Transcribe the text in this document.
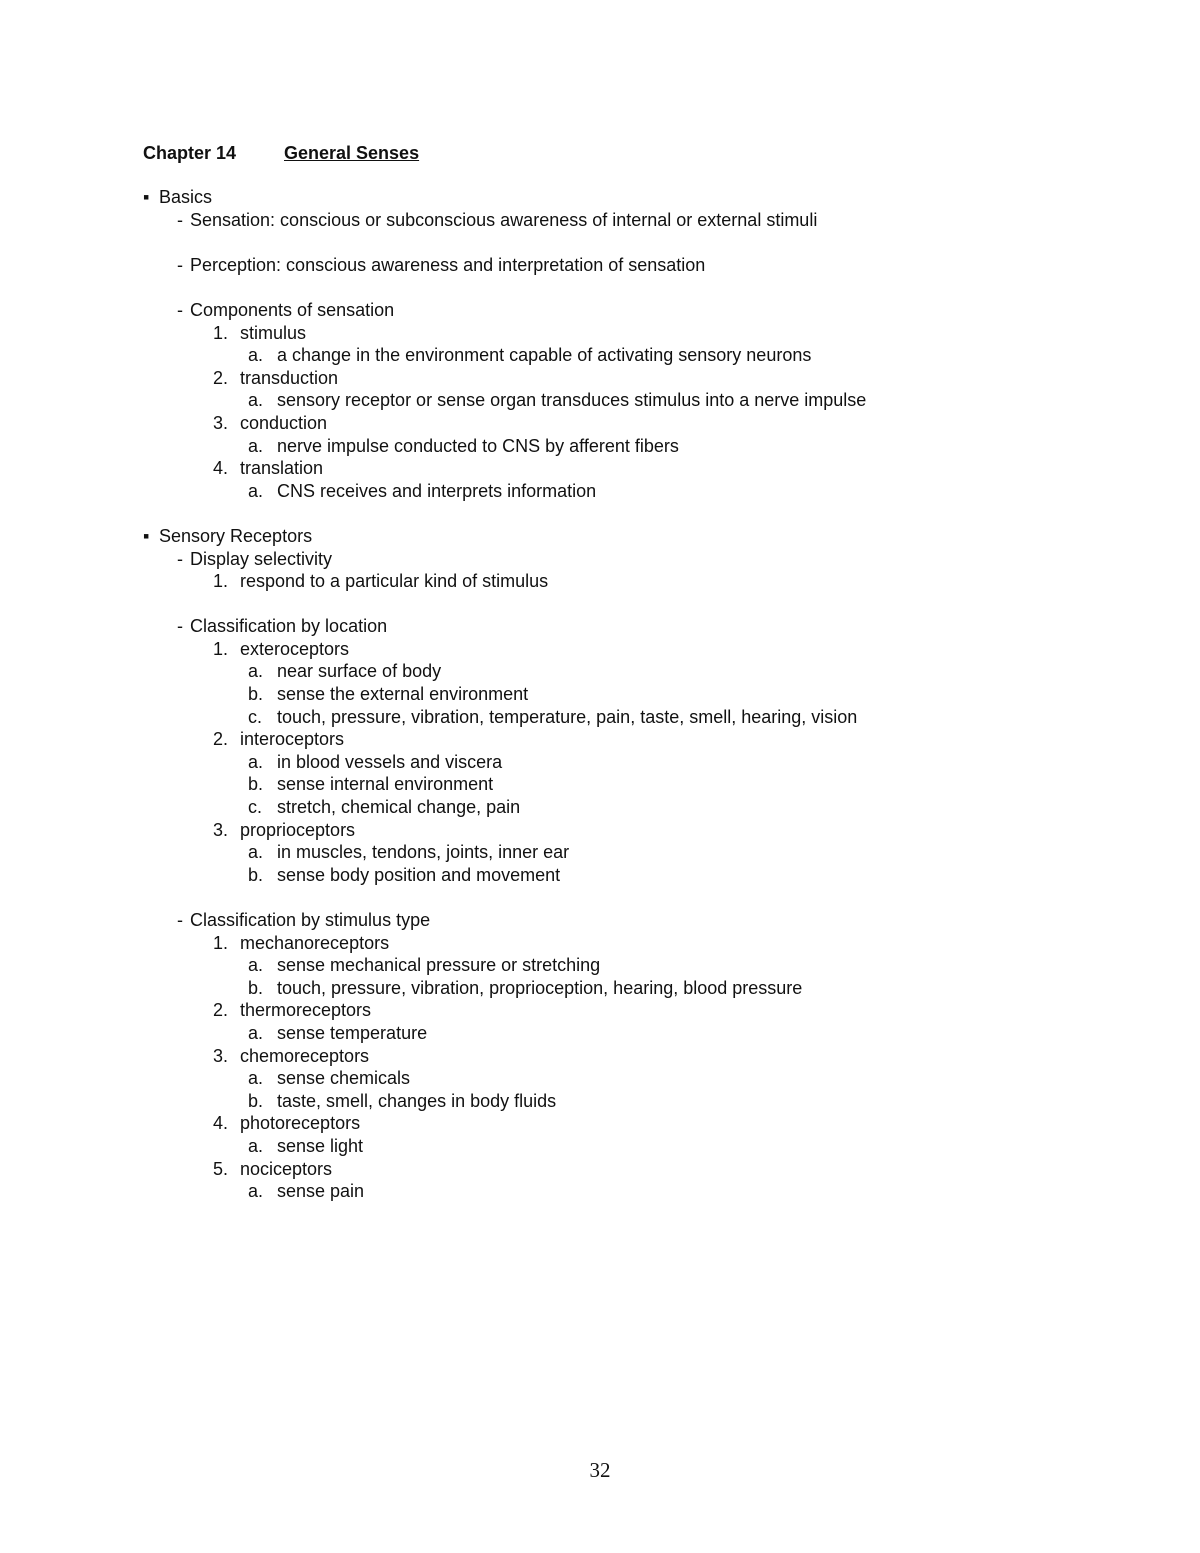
Chapter 14	General Senses
▪ Basics
- Sensation: conscious or subconscious awareness of internal or external stimuli
- Perception: conscious awareness and interpretation of sensation
- Components of sensation
1. stimulus
a. a change in the environment capable of activating sensory neurons
2. transduction
a. sensory receptor or sense organ transduces stimulus into a nerve impulse
3. conduction
a. nerve impulse conducted to CNS by afferent fibers
4. translation
a. CNS receives and interprets information
▪ Sensory Receptors
- Display selectivity
1. respond to a particular kind of stimulus
- Classification by location
1. exteroceptors
a. near surface of body
b. sense the external environment
c. touch, pressure, vibration, temperature, pain, taste, smell, hearing, vision
2. interoceptors
a. in blood vessels and viscera
b. sense internal environment
c. stretch, chemical change, pain
3. proprioceptors
a. in muscles, tendons, joints, inner ear
b. sense body position and movement
- Classification by stimulus type
1. mechanoreceptors
a. sense mechanical pressure or stretching
b. touch, pressure, vibration, proprioception, hearing, blood pressure
2. thermoreceptors
a. sense temperature
3. chemoreceptors
a. sense chemicals
b. taste, smell, changes in body fluids
4. photoreceptors
a. sense light
5. nociceptors
a. sense pain
32
